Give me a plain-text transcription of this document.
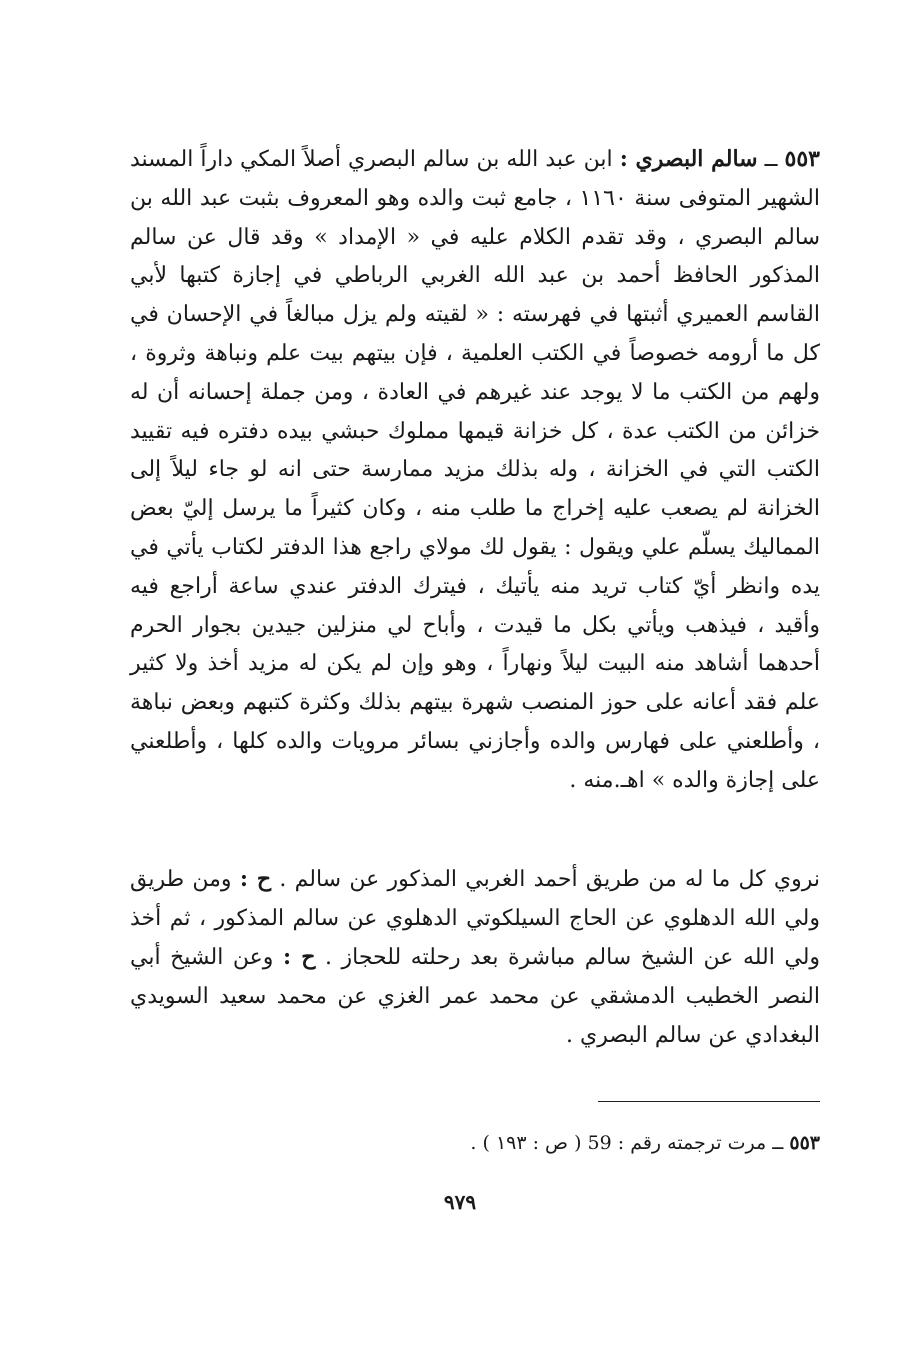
٥٥٣ ــ سالم البصري : ابن عبد الله بن سالم البصري أصلاً المكي داراً المسند الشهير المتوفى سنة ١١٦٠ ، جامع ثبت والده وهو المعروف بثبت عبد الله بن سالم البصري ، وقد تقدم الكلام عليه في « الإمداد » وقد قال عن سالم المذكور الحافظ أحمد بن عبد الله الغربي الرباطي في إجازة كتبها لأبي القاسم العميري أثبتها في فهرسته : « لقيته ولم يزل مبالغاً في الإحسان في كل ما أرومه خصوصاً في الكتب العلمية ، فإن بيتهم بيت علم ونباهة وثروة ، ولهم من الكتب ما لا يوجد عند غيرهم في العادة ، ومن جملة إحسانه أن له خزائن من الكتب عدة ، كل خزانة قيمها مملوك حبشي بيده دفتره فيه تقييد الكتب التي في الخزانة ، وله بذلك مزيد ممارسة حتى انه لو جاء ليلاً إلى الخزانة لم يصعب عليه إخراج ما طلب منه ، وكان كثيراً ما يرسل إليّ بعض المماليك يسلّم علي ويقول : يقول لك مولاي راجع هذا الدفتر لكتاب يأتي في يده وانظر أيّ كتاب تريد منه يأتيك ، فيترك الدفتر عندي ساعة أراجع فيه وأقيد ، فيذهب ويأتي بكل ما قيدت ، وأباح لي منزلين جيدين بجوار الحرم أحدهما أشاهد منه البيت ليلاً ونهاراً ، وهو وإن لم يكن له مزيد أخذ ولا كثير علم فقد أعانه على حوز المنصب شهرة بيتهم بذلك وكثرة كتبهم وبعض نباهة ، وأطلعني على فهارس والده وأجازني بسائر مرويات والده كلها ، وأطلعني على إجازة والده » اهـ.منه .

نروي كل ما له من طريق أحمد الغربي المذكور عن سالم . ح : ومن طريق ولي الله الدهلوي عن الحاج السيلكوتي الدهلوي عن سالم المذكور ، ثم أخذ ولي الله عن الشيخ سالم مباشرة بعد رحلته للحجاز . ح : وعن الشيخ أبي النصر الخطيب الدمشقي عن محمد عمر الغزي عن محمد سعيد السويدي البغدادي عن سالم البصري .

٥٥٣ ــ مرت ترجمته رقم : 59 ( ص : ١٩٣ ) .
٩٧٩
